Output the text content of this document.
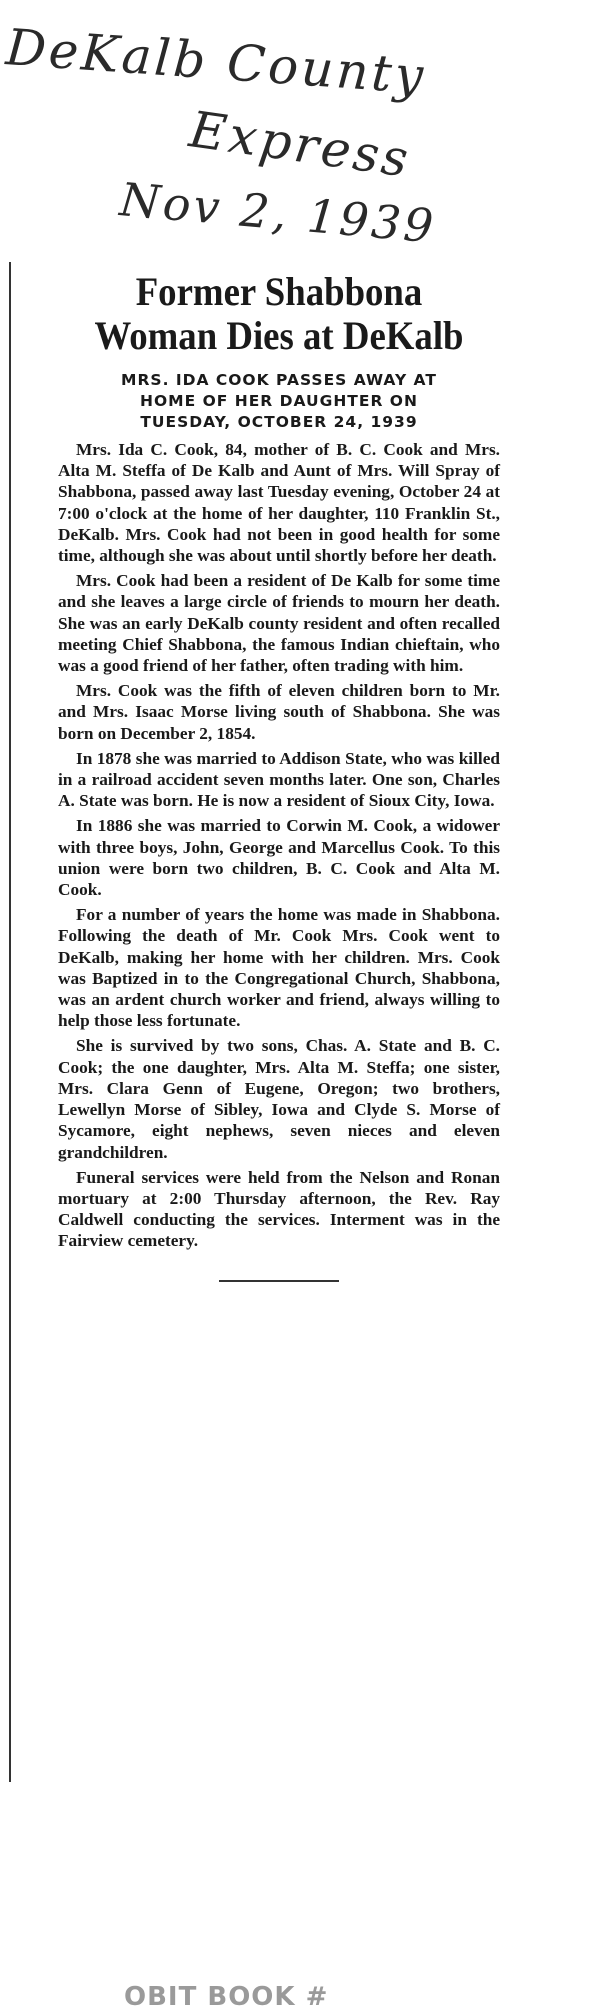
DeKalb County
Express
Nov 2, 1939
Former Shabbona
Woman Dies at DeKalb
MRS. IDA COOK PASSES AWAY AT
HOME OF HER DAUGHTER ON
TUESDAY, OCTOBER 24, 1939

Mrs. Ida C. Cook, 84, mother of B. C. Cook and Mrs. Alta M. Steffa of De Kalb and Aunt of Mrs. Will Spray of Shabbona, passed away last Tuesday evening, October 24 at 7:00 o'clock at the home of her daughter, 110 Franklin St., DeKalb. Mrs. Cook had not been in good health for some time, although she was about until shortly before her death.

Mrs. Cook had been a resident of De Kalb for some time and she leaves a large circle of friends to mourn her death. She was an early DeKalb county resident and often recalled meeting Chief Shabbona, the famous Indian chieftain, who was a good friend of her father, often trading with him.

Mrs. Cook was the fifth of eleven children born to Mr. and Mrs. Isaac Morse living south of Shabbona. She was born on December 2, 1854.

In 1878 she was married to Addison State, who was killed in a railroad accident seven months later. One son, Charles A. State was born. He is now a resident of Sioux City, Iowa.

In 1886 she was married to Corwin M. Cook, a widower with three boys, John, George and Marcellus Cook. To this union were born two children, B. C. Cook and Alta M. Cook.

For a number of years the home was made in Shabbona. Following the death of Mr. Cook Mrs. Cook went to DeKalb, making her home with her children. Mrs. Cook was Baptized in to the Congregational Church, Shabbona, was an ardent church worker and friend, always willing to help those less fortunate.

She is survived by two sons, Chas. A. State and B. C. Cook; the one daughter, Mrs. Alta M. Steffa; one sister, Mrs. Clara Genn of Eugene, Oregon; two brothers, Lewellyn Morse of Sibley, Iowa and Clyde S. Morse of Sycamore, eight nephews, seven nieces and eleven grandchildren.

Funeral services were held from the Nelson and Ronan mortuary at 2:00 Thursday afternoon, the Rev. Ray Caldwell conducting the services. Interment was in the Fairview cemetery.

OBIT BOOK #
